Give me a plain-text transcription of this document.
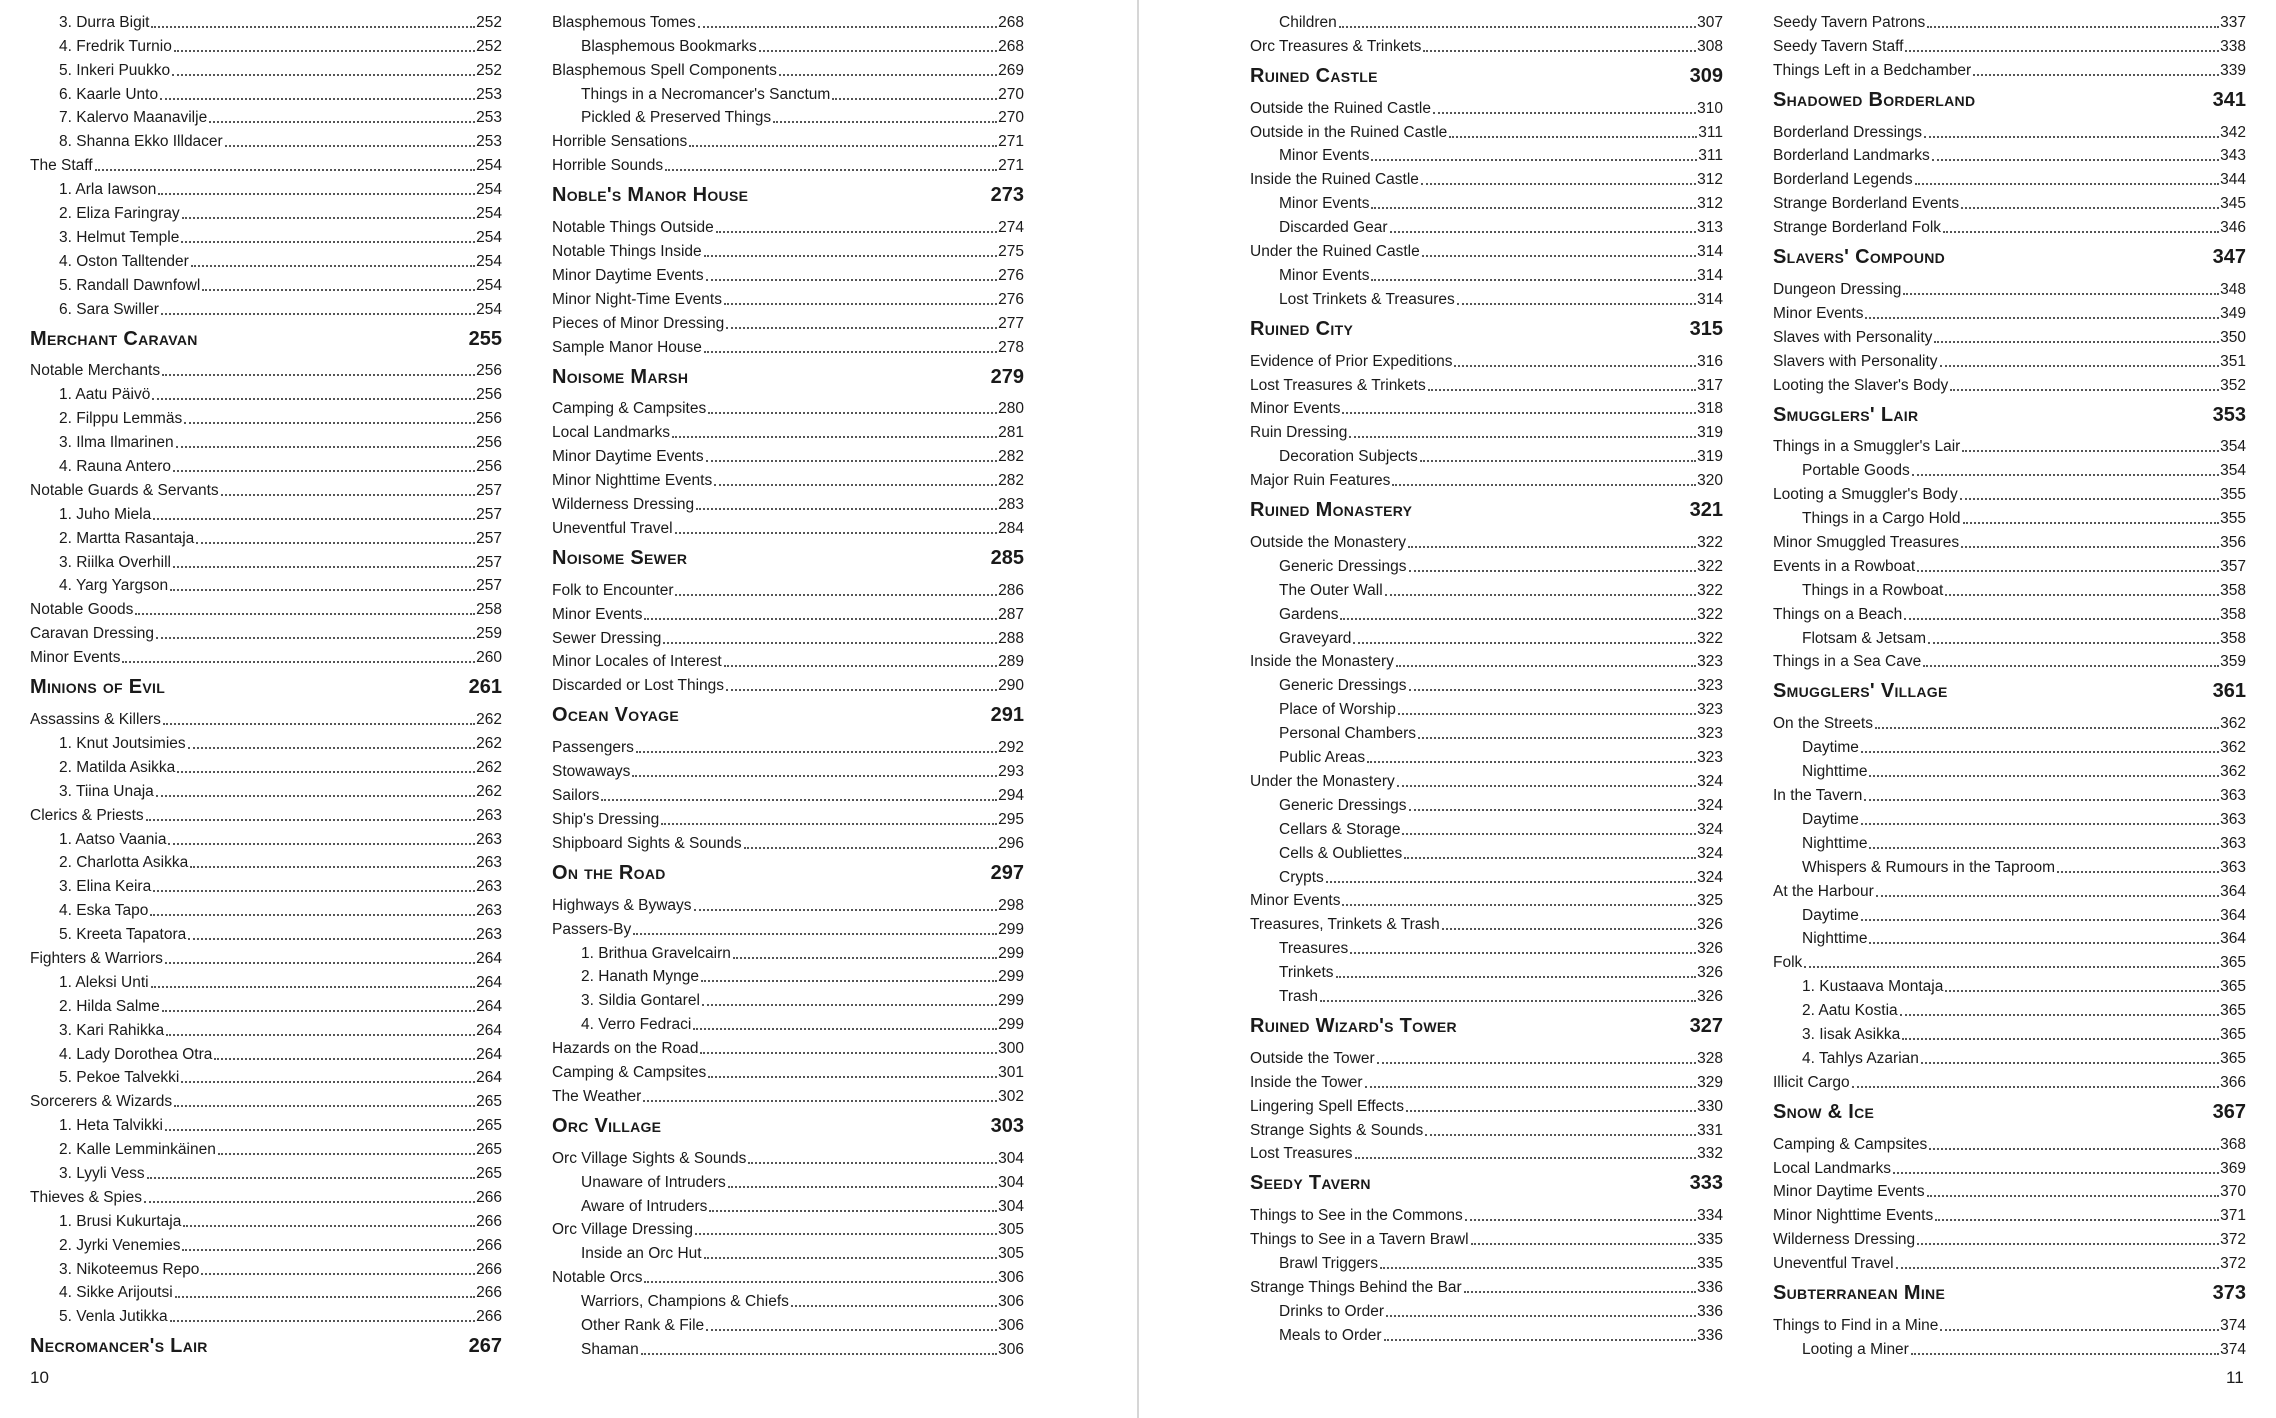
3. Durra Bigit	252
4. Fredrik Turnio	252
5. Inkeri Puukko	252
6. Kaarle Unto	253
7. Kalervo Maanavilje	253
8. Shanna Ekko Illdacer	253
The Staff	254
1. Arla Iawson	254
2. Eliza Faringray	254
3. Helmut Temple	254
4. Oston Talltender	254
5. Randall Dawnfowl	254
6. Sara Swiller	254
Merchant Caravan	255
Notable Merchants	256
1. Aatu Päivö	256
2. Filppu Lemmäs	256
3. Ilma Ilmarinen	256
4. Rauna Antero	256
Notable Guards & Servants	257
1. Juho Miela	257
2. Martta Rasantaja	257
3. Riilka Overhill	257
4. Yarg Yargson	257
Notable Goods	258
Caravan Dressing	259
Minor Events	260
Minions of Evil	261
Assassins & Killers	262
1. Knut Joutsimies	262
2. Matilda Asikka	262
3. Tiina Unaja	262
Clerics & Priests	263
1. Aatso Vaania	263
2. Charlotta Asikka	263
3. Elina Keira	263
4. Eska Tapo	263
5. Kreeta Tapatora	263
Fighters & Warriors	264
1. Aleksi Unti	264
2. Hilda Salme	264
3. Kari Rahikka	264
4. Lady Dorothea Otra	264
5. Pekoe Talvekki	264
Sorcerers & Wizards	265
1. Heta Talvikki	265
2. Kalle Lemminkäinen	265
3. Lyyli Vess	265
Thieves & Spies	266
1. Brusi Kukurtaja	266
2. Jyrki Venemies	266
3. Nikoteemus Repo	266
4. Sikke Arijoutsi	266
5. Venla Jutikka	266
Necromancer's Lair	267
Blasphemous Tomes	268
Blasphemous Bookmarks	268
Blasphemous Spell Components	269
Things in a Necromancer's Sanctum	270
Pickled & Preserved Things	270
Horrible Sensations	271
Horrible Sounds	271
Noble's Manor House	273
Notable Things Outside	274
Notable Things Inside	275
Minor Daytime Events	276
Minor Night-Time Events	276
Pieces of Minor Dressing	277
Sample Manor House	278
Noisome Marsh	279
Camping & Campsites	280
Local Landmarks	281
Minor Daytime Events	282
Minor Nighttime Events	282
Wilderness Dressing	283
Uneventful Travel	284
Noisome Sewer	285
Folk to Encounter	286
Minor Events	287
Sewer Dressing	288
Minor Locales of Interest	289
Discarded or Lost Things	290
Ocean Voyage	291
Passengers	292
Stowaways	293
Sailors	294
Ship's Dressing	295
Shipboard Sights & Sounds	296
On the Road	297
Highways & Byways	298
Passers-By	299
1. Brithua Gravelcairn	299
2. Hanath Mynge	299
3. Sildia Gontarel	299
4. Verro Fedraci	299
Hazards on the Road	300
Camping & Campsites	301
The Weather	302
Orc Village	303
Orc Village Sights & Sounds	304
Unaware of Intruders	304
Aware of Intruders	304
Orc Village Dressing	305
Inside an Orc Hut	305
Notable Orcs	306
Warriors, Champions & Chiefs	306
Other Rank & File	306
Shaman	306
Children	307
Orc Treasures & Trinkets	308
Ruined Castle	309
Outside the Ruined Castle	310
Outside in the Ruined Castle	311
Minor Events	311
Inside the Ruined Castle	312
Minor Events	312
Discarded Gear	313
Under the Ruined Castle	314
Minor Events	314
Lost Trinkets & Treasures	314
Ruined City	315
Evidence of Prior Expeditions	316
Lost Treasures & Trinkets	317
Minor Events	318
Ruin Dressing	319
Decoration Subjects	319
Major Ruin Features	320
Ruined Monastery	321
Outside the Monastery	322
Generic Dressings	322
The Outer Wall	322
Gardens	322
Graveyard	322
Inside the Monastery	323
Generic Dressings	323
Place of Worship	323
Personal Chambers	323
Public Areas	323
Under the Monastery	324
Generic Dressings	324
Cellars & Storage	324
Cells & Oubliettes	324
Crypts	324
Minor Events	325
Treasures, Trinkets & Trash	326
Treasures	326
Trinkets	326
Trash	326
Ruined Wizard's Tower	327
Outside the Tower	328
Inside the Tower	329
Lingering Spell Effects	330
Strange Sights & Sounds	331
Lost Treasures	332
Seedy Tavern	333
Things to See in the Commons	334
Things to See in a Tavern Brawl	335
Brawl Triggers	335
Strange Things Behind the Bar	336
Drinks to Order	336
Meals to Order	336
Seedy Tavern Patrons	337
Seedy Tavern Staff	338
Things Left in a Bedchamber	339
Shadowed Borderland	341
Borderland Dressings	342
Borderland Landmarks	343
Borderland Legends	344
Strange Borderland Events	345
Strange Borderland Folk	346
Slavers' Compound	347
Dungeon Dressing	348
Minor Events	349
Slaves with Personality	350
Slavers with Personality	351
Looting the Slaver's Body	352
Smugglers' Lair	353
Things in a Smuggler's Lair	354
Portable Goods	354
Looting a Smuggler's Body	355
Things in a Cargo Hold	355
Minor Smuggled Treasures	356
Events in a Rowboat	357
Things in a Rowboat	358
Things on a Beach	358
Flotsam & Jetsam	358
Things in a Sea Cave	359
Smugglers' Village	361
On the Streets	362
Daytime	362
Nighttime	362
In the Tavern	363
Daytime	363
Nighttime	363
Whispers & Rumours in the Taproom	363
At the Harbour	364
Daytime	364
Nighttime	364
Folk	365
1. Kustaava Montaja	365
2. Aatu Kostia	365
3. Iisak Asikka	365
4. Tahlys Azarian	365
Illicit Cargo	366
Snow & Ice	367
Camping & Campsites	368
Local Landmarks	369
Minor Daytime Events	370
Minor Nighttime Events	371
Wilderness Dressing	372
Uneventful Travel	372
Subterranean Mine	373
Things to Find in a Mine	374
Looting a Miner	374
10	11
